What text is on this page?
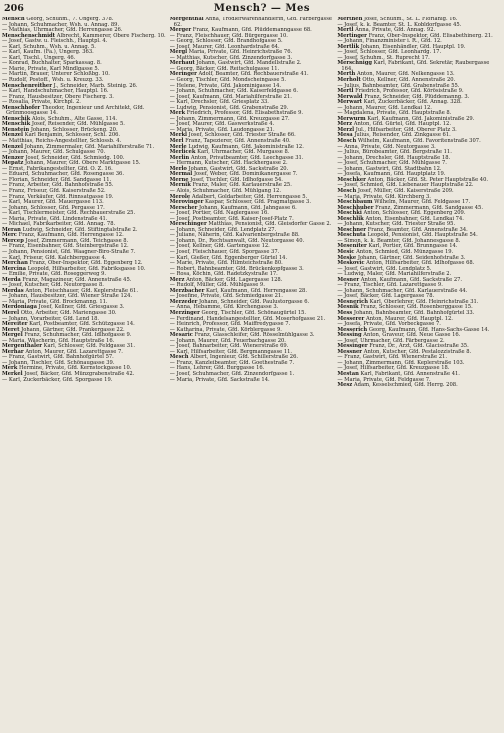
206	Mensch? — Mes

Mensch Georg, Schuhm., 7. Ungerg. 378.

— Johann, Schuhmacher, Wsh. u. Annag. 89.

— Mathias, Uhrmacher, Gfd. Herrengasse 26.

Menschenschmidt Albrecht, Kammerer, Obere Fischerg. 10.

— Josef, Gastw. u. Fleischh., Hauptpl. 4.

— Karl, Schuhm., Wsh. u. Annag. 5.

— Karl, Kaufm. (Fa.), Ungerg. 363.

— Karl, Tischl., Ungerg. 46.

— Konrad, Buchhalter, Sparkassag. 8.

— Marie, Private, Karl Mindlgasse 5.

— Martin, Brauer, Unterer Schloßbg. 10.

— Rudolf, Postoff., Wsh. u. Kreuzg. 33.

Menschenreither J., Schneider, Marb. Steinig. 26.

— Karl, Handschuhmacher, Hauptpl. 16.

— Franz, Hausbesitzer, Obere Fischerg. 3.

— Rosalia, Private, Kirchpl. 2.

Menschhofer Theodor, Ingenieur und Architekt, Gfd. Grünmoosgasse 14.

Menschik Alois, Schuhm., Alte Gasse, 114.

Menschik Josef, Reisender, Gfd. Mühlgasse 5.

Menstein Johann, Schlosser, Brückeng. 20.

Menzel Karl Benjamin, Schlosser, Schl. 206.

— Matthias, Reichs-Angestellter, Schlossb. 4.

Menzel Johann, Zimmermaler, Gfd. Mariahilferstraße 71.

— Johann, Maurer, Gfd. Schulgasse 70.

Menzer Josef, Schneider, Gfd. Schmiedg. 100.

Mepatz Johann, Maurer, Gfd. Obere Marktgasse 15.

— Ernst, Fabrikangestellter, Gfd. O. Z. 16.

— Eduard, Schuhmacher, Gfd. Rosengasse 36.

— Florian, Schneider, Gfd. Sandgasse 11.

— Franz, Arbeiter, Gfd. Bahnhofstraße 55.

— Franz, Friseur, Gfd. Kaiserstraße 52.

— Franz, Verkäufer, Gfd. Rinnsatgasse 19.

— Karl, Maurer, Gfd. Mauergasse 113.

— Johann, Schlosser, Gfd. Pergasse 17.

— Karl, Tischlermeister, Gfd. Rechbauerstraße 25.

— Maria, Private, Gfd. Lindenstraße 41.

— Michael, Fabrikarbeiter, Gfd. Annag. 78.

Meran Ludwig, Schneider, Gfd. Stiftingtalstraße 2.

Merc Franz, Kaufmann, Gfd. Herrengasse 12.

Mercep Josef, Zimmermann, Gfd. Teichgasse 8.

— Franz, Eisenbahner, Gfd. Steinbergstraße 12.

— Johann, Pensionist, Gfd. Waagner-Biro-Straße 7.

— Karl, Friseur, Gfd. Kalchberggasse 4.

Merchan Franz, Ober-Inspektor, Gfd. Eggenberg 12.

Mercina Leopold, Hilfsarbeiter, Gfd. Fabriksgasse 10.

— Emilie, Private, Gfd. Roseggerweg 9.

Merda Franz, Magazineur, Gfd. Annenstraße 45.

— Josef, Kutscher, Gfd. Neutorgasse 8.

Merdas Anton, Fleischhauer, Gfd. Keplerstraße 61.

— Johann, Hausbesitzer, Gfd. Wiener Straße 124.

— Maria, Private, Gfd. Brockmanng. 11.

Merdoniaga Josef, Kellner, Gfd. Griesgasse 3.

Merel Otto, Arbeiter, Gfd. Mariengasse 30.

— Johann, Vorarbeiter, Gfd. Lend 18.

Mereiter Karl, Postbeamter, Gfd. Schützgasse 14.

Meret Johann, Gärtner, Gfd. Prankergasse 22.

Mergel Franz, Schuhmacher, Gfd. Idlhofgasse 9.

— Maria, Wäscherin, Gfd. Hauptstraße 16.

Mergenthaler Karl, Schlosser, Gfd. Feldgasse 31.

Merhar Anton, Maurer, Gfd. Lazarettgasse 7.

— Franz, Gastwirt, Gfd. Bahnhofgürtel 57.

— Johann, Tischler, Gfd. Schönaugasse 39.

Merk Hermine, Private, Gfd. Kernstockgasse 10.

Merkel Josef, Bäcker, Gfd. Münzgrabenstraße 42.

— Karl, Zuckerbäcker, Gfd. Sporgasse 19.

Mergenthal Anna, Trödlerwarenhändlerin, Gfd. Färbergasse 62.

Merger Franz, Kaufmann, Gfd. Plüddemanngasse 68.

— Franz, Fleischhauer, Gfd. Bürgergasse 10.

— Georg, Schlosser, Gfd. Brandhofgasse 5.

— Josef, Maurer, Gfd. Leonhardstraße 64.

Mergl Maria, Private, Gfd. Heinrichstraße 76.

— Matthias, Kutscher, Gfd. Zinzendorfgasse 3.

Merhaut Johann, Gastwirt, Gfd. Mandellstraße 2.

— Georg, Bäcker, Gfd. Reitschulgasse 11.

Meringer Adolf, Beamter, Gfd. Rechbauerstraße 41.

— Georg, Tischler, Gfd. Mondscheingasse 5.

— Helene, Private, Gfd. Jakominigasse 14.

— Johann, Schuhmacher, Gfd. Kaiserfeldgasse 6.

— Josef, Kaufmann, Gfd. Mariahilferstraße 21.

— Karl, Drechsler, Gfd. Griesplatz 33.

— Ludwig, Pensionist, Gfd. Grabenstraße 29.

Merk Friedrich, Professor, Gfd. Elisabethstraße 9.

— Johann, Zimmermann, Gfd. Kreuzgasse 27.

— Josef, Maurer, Gfd. Gaswerkstraße 4.

— Maria, Private, Gfd. Laudongasse 21.

Merkl Josef, Schlosser, Gfd. Triester Straße 66.

Merl Franz, Tapezierer, Gfd. Annenstraße 40.

Merle Ludwig, Kaufmann, Gfd. Jakoministraße 12.

Merlicek Karl, Uhrmacher, Gfd. Murgasse 8.

Merlin Anton, Privatbeamter, Gfd. Leechgasse 31.

— Hermann, Kutscher, Gfd. Hackhergasse 2.

Merlo Johann, Gastwirt, Gfd. Sackstraße 20.

Mermal Josef, Weber, Gfd. Dominikanergasse 7.

Merne Josef, Tischler, Gfd. Idlhofgasse 54.

Mernik Franz, Maler, Gfd. Karlauerstraße 25.

— Alois, Schuhmacher, Gfd. Mühlgang 12.

Merole Adalbert, Goldarbeiter, Gfd. Herrengasse 5.

Merovinger Kaspar, Schlosser, Gfd. Pragmatgasse 3.

Merscher Johann, Kaufmann, Gfd. Jahngasse 6.

— Josef, Portier, Gfd. Naglergasse 16.

— Josef, Postbeamter, Gfd. Kaiser-Josef-Platz 7.

Merschinger Matthias, Pensionist, Gfd. Gleisdorfer Gasse 2.

— Johann, Schneider, Gfd. Lendplatz 27.

— Juliane, Näherin, Gfd. Kalvarienbergstraße 88.

— Johann, Dr., Rechtsanwalt, Gfd. Neutorgasse 40.

— Josef, Kellner, Gfd. Gartengasse 12.

— Josef, Fleischhauer, Gfd. Sporgasse 37.

— Karl, Gießer, Gfd. Eggenberger Gürtel 14.

— Marie, Private, Gfd. Hilmteichstraße 80.

— Robert, Bahnbeamter, Gfd. Brückenkopfgasse 3.

— Rosa, Köchin, Gfd. Radetzkystraße 17.

Merz Anton, Bäcker, Gfd. Lagergasse 128.

— Rudolf, Müller, Gfd. Mühlgasse 9.

Merzbacher Karl, Kaufmann, Gfd. Herrengasse 28.

— Josefine, Private, Gfd. Schmiedgasse 21.

Merzeder Johann, Schneider, Gfd. Paulustorgasse 6.

— Anna, Hebamme, Gfd. Kirchengasse 3.

Merzinger Georg, Tischler, Gfd. Schönaugürtel 15.

— Ferdinand, Handelsangestellter, Gfd. Moserhofgasse 21.

— Heinrich, Professor, Gfd. Maiffredygasse 7.

— Katharina, Private, Gfd. Körblergasse 9.

Mesaric Franz, Glasschleifer, Gfd. Rösselmühlgasse 3.

— Johann, Maurer, Gfd. Feuerbachgasse 20.

— Josef, Bahnarbeiter, Gfd. Wienerstraße 69.

— Karl, Hilfsarbeiter, Gfd. Bergmanngasse 11.

Mesch Albert, Ingenieur, Gfd. Schillerstraße 26.

— Franz, Kanzleibeamter, Gfd. Goethestraße 7.

— Hans, Lehrer, Gfd. Burggasse 16.

— Josef, Schuhmacher, Gfd. Zinzendorfgasse 1.

— Maria, Private, Gfd. Sackstraße 14.

Merthen Josef, Schuhm., St. L. Florianig. 16.

— Josef, k. k. Beamter, St. L. Kobldorfgasse 45.

Mertl Anna, Private, Gfd. Annag. 92.

Mertinger Franz, Ober-Inspektor, Gfd. Elisabethinerg. 21.

— Johann, Finanzminister i. R., Gfd. 12.

Mertlik Johann, Eisenhändler, Gfd. Hauptpl. 19.

— Josef, Schlosser, Gfd. Leonhardg. 17.

— Josef, Schuhm., St. Ruprecht 17.

Merschnigg Karl, Fabrikant, Gfd. Sekretär, Raubergasse 164.

Merth Anton, Maurer, Gfd. Nelkengasse 13.

Merholt Otto, Kellner, Gfd. Annenstraße 20.

— Julius, Bahnbeamter, Gfd. Grabenstraße 55.

Mertl Friedrich, Professor, Gfd. Körösistraße 9.

Merwald Franz, Schneider, Gfd. Plüddemanng. 3.

Merwart Karl, Zuckerbäcker, Gfd. Annag. 328.

— Johann, Maurer, Gfd. Lendkai 12.

— Magdalena, Private, Gfd. Hauptstraße 8.

Merwurm Karl, Kaufmann, Gfd. Jakoministraße 29.

Merz Anton, Gfd. Gürtel, Gfd. Hauptpl. 12.

Merzl Jul., Hilfsarbeiter, Gfd. Oberer Platz 3.

Mesa Julius, Reisender, Gfd. Zinkgasse 61.

Mesch Wilhelm, Kaufmann, Gfd. Favoritenstraße 307.

— Anna, Private, Gfd. Neutorgasse 3.

— Julius, Bürobeamter, Gfd. Bergstraße 11.

— Johann, Drechsler, Gfd. Hauptstraße 18.

— Josef, Schuhmacher, Gfd. Mühlgasse 7.

— Johann, Gastwirt, Gfd. Stadtbahn 12.

— Josefa, Kaufmann, Gfd. Hauptplatz 19.

Meschker Anton, Bäcker, Gfd. St. Peter Hauptstraße 40.

— Josef, Schmied, Gfd. Liebenauer Hauptstraße 22.

Mesch Josef, Müller, Gfd. Kaiserstraße 209.

— Maria, Private, Gfd. Kirchberg 3.

Meschbaum Wilhelm, Maurer, Gfd. Feldgasse 17.

Meschhuber Franz, Zimmermann, Gfd. Sandgasse 45.

Meschki Anton, Schlosser, Gfd. Eggenberg 209.

Meschlik Anton, Eisenbahner, Gfd. Lendkai 74.

— Johann, Kutscher, Gfd. Triester Straße 95.

Meschner Franz, Beamter, Gfd. Annenstraße 34.

Meschuta Leopold, Pensionist, Gfd. Hauptstraße 54.

— Simon, k. k. Beamter, Gfd. Johannesgasse 8.

Meseniter Karl, Portier, Gfd. Brunngasse 14.

Mesic Anton, Schmied, Gfd. Münzgasse 19.

Meske Johann, Gärtner, Gfd. Seidenhofstraße 3.

Meskovic Anton, Hilfsarbeiter, Gfd. Idlhofgasse 68.

— Josef, Gastwirt, Gfd. Lendplatz 5.

— Ludwig, Maler, Gfd. Mariahilferstraße 2.

Mesner Anton, Kaufmann, Gfd. Sackstraße 27.

— Franz, Tischler, Gfd. Lazarettgasse 9.

— Johann, Schuhmacher, Gfd. Karlauerstraße 44.

— Josef, Bäcker, Gfd. Lagergasse 78.

Mesnerich Karl, Oberlehrer, Gfd. Heinrichstraße 31.

Mesnik Franz, Schlosser, Gfd. Rosenberggasse 15.

Mess Johann, Bahnbeamter, Gfd. Bahnhofgürtel 33.

Messerer Anton, Maurer, Gfd. Hauptpl. 12.

— Josefa, Private, Gfd. Vorbeckgasse 7.

Messerich Georg, Kaufmann, Gfd. Hans-Sachs-Gasse 14.

Messing Anton, Graveur, Gfd. Neue Gasse 16.

— Josef, Uhrmacher, Gfd. Färbergasse 2.

Messinger Franz, Dr., Arzt, Gfd. Glacisstraße 35.

Messner Anton, Kutscher, Gfd. Pestalozzistraße 8.

— Franz, Gastwirt, Gfd. Wienerstraße 21.

— Johann, Zimmermann, Gfd. Keplerstraße 103.

— Josef, Hilfsarbeiter, Gfd. Kreuzgasse 18.

Mestan Karl, Fabrikant, Gfd. Annenstraße 41.

— Maria, Private, Gfd. Feldgasse 7.

Mesz Adam, Kesselschmied, Gfd. Herrg. 208.
